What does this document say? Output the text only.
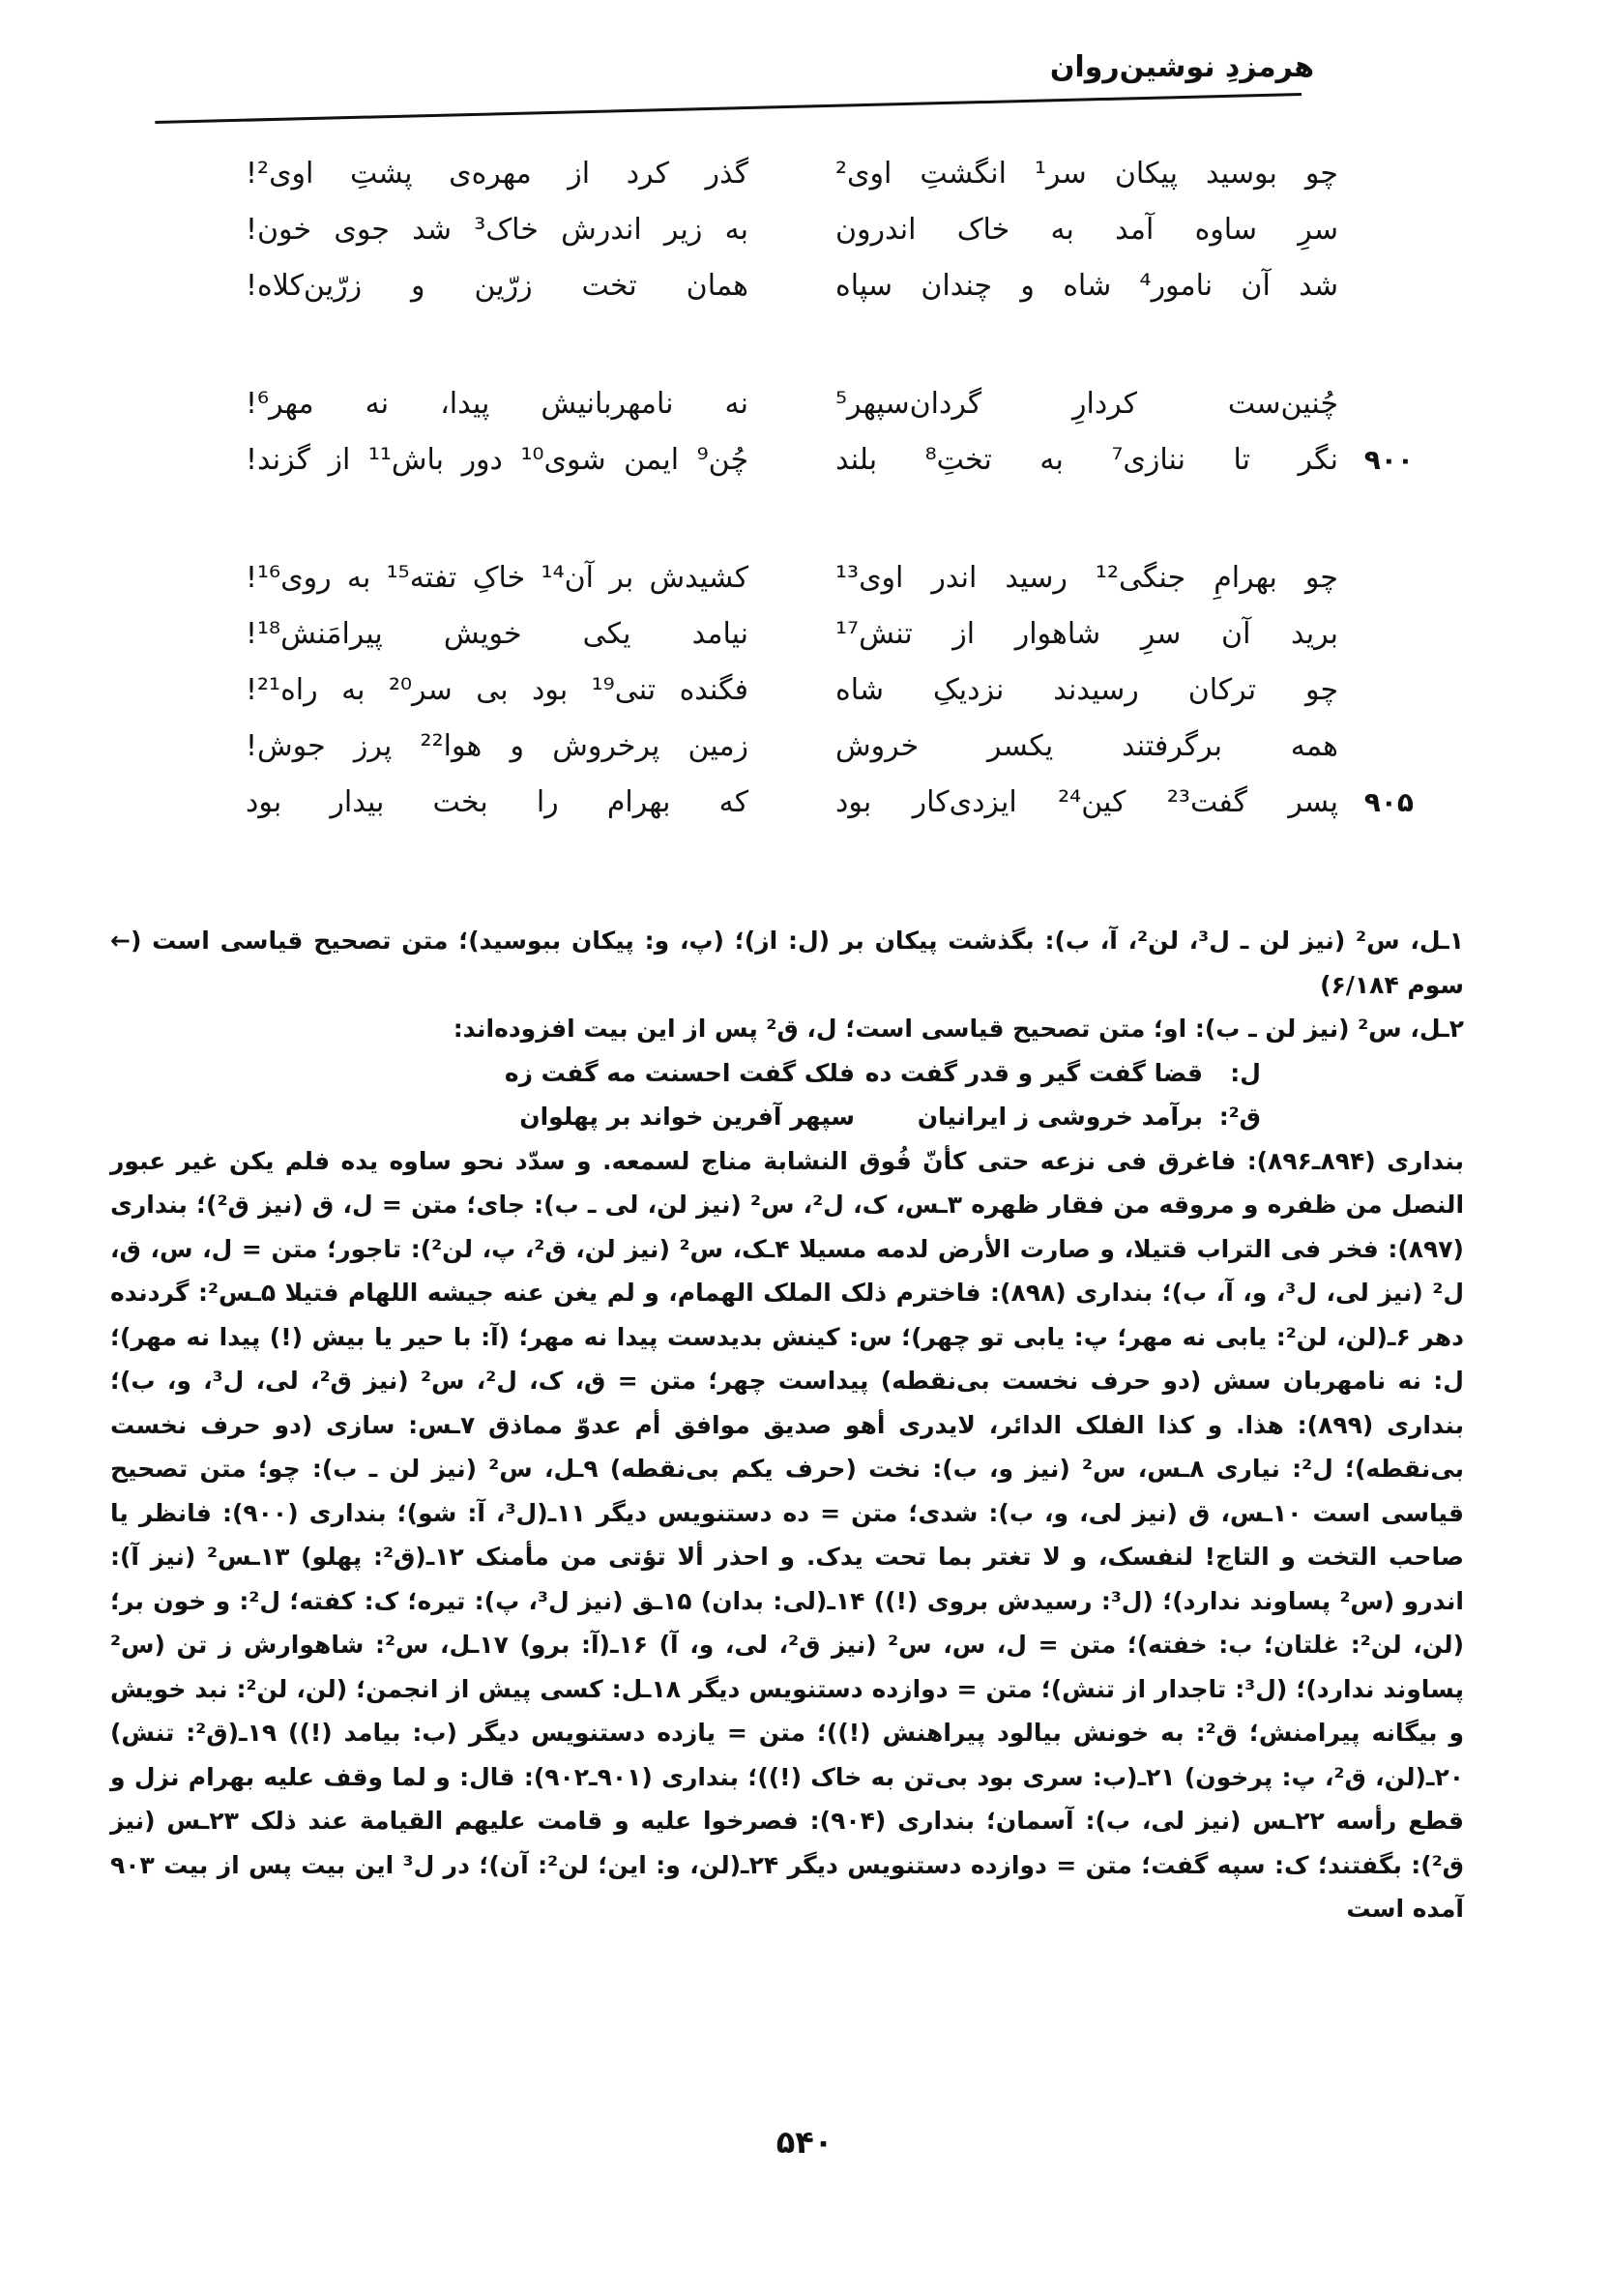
هرمزدِ نوشین‌روان
چو بوسید پیکان سر¹ انگشتِ اوی²
گذر کرد از مهره‌ی پشتِ اوی²!
سرِ ساوه آمد به خاک اندرون
به زیر اندرش خاک³ شد جوی خون!
شد آن نامور⁴ شاه و چندان سپاه
همان تخت زرّین و زرّین‌کلاه!
چُنین‌ست کردارِ گردان‌سپهر⁵
نه نامهربانیش پیدا، نه مهر⁶!
۹۰۰
نگر تا ننازی⁷ به تختِ⁸ بلند
چُن⁹ ایمن شوی¹⁰ دور باش¹¹ از گزند!
چو بهرامِ جنگی¹² رسید اندر اوی¹³
کشیدش بر آن¹⁴ خاکِ تفته¹⁵ به روی¹⁶!
برید آن سرِ شاهوار از تنش¹⁷
نیامد یکی خویش پیرامَنش¹⁸!
چو ترکان رسیدند نزدیکِ شاه
فگنده تنی¹⁹ بود بی سر²⁰ به راه²¹!
همه برگرفتند یکسر خروش
زمین پرخروش و هوا²² پرز جوش!
۹۰۵
پسر گفت²³ کین²⁴ ایزدی‌کار بود
که بهرام را بخت بیدار بود
۱ـل، س² (نیز لن ـ ل³، لن²، آ، ب): بگذشت پیکان بر (ل: از)؛ (پ، و: پیکان ببوسید)؛ متن تصحیح قیاسی است (← سوم ۶/۱۸۴)
۲ـل، س² (نیز لن ـ ب): او؛ متن تصحیح قیاسی است؛ ل، ق² پس از این بیت افزوده‌اند:
ل:
قضا گفت گیر و قدر گفت ده
فلک گفت احسنت مه گفت زه
ق²:
برآمد خروشی ز ایرانیان
سپهر آفرین خواند بر پهلوان
بنداری (۸۹۴ـ۸۹۶): فاغرق فی نزعه حتی کأنّ فُوق النشابة مناج لسمعه. و سدّد نحو ساوه یده فلم یکن غیر عبور النصل من ظفره و مروقه من فقار ظهره ۳ـس، ک، ل²، س² (نیز لن، لی ـ ب): جای؛ متن = ل، ق (نیز ق²)؛ بنداری (۸۹۷): فخر فی التراب قتیلا، و صارت الأرض لدمه مسیلا ۴ـک، س² (نیز لن، ق²، پ، لن²): تاجور؛ متن = ل، س، ق، ل² (نیز لی، ل³، و، آ، ب)؛ بنداری (۸۹۸): فاخترم ذلک الملک الهمام، و لم یغن عنه جیشه اللهام فتیلا ۵ـس²: گردنده دهر ۶ـ(لن، لن²: یابی نه مهر؛ پ: یابی تو چهر)؛ س: کینش بدیدست پیدا نه مهر؛ (آ: با حیر یا بیش (!) پیدا نه مهر)؛ ل: نه نامهربان سش (دو حرف نخست بی‌نقطه) پیداست چهر؛ متن = ق، ک، ل²، س² (نیز ق²، لی، ل³، و، ب)؛ بنداری (۸۹۹): هذا. و کذا الفلک الدائر، لایدری أهو صدیق موافق أم عدوّ مماذق ۷ـس: سازی (دو حرف نخست بی‌نقطه)؛ ل²: نیاری ۸ـس، س² (نیز و، ب): نخت (حرف یکم بی‌نقطه) ۹ـل، س² (نیز لن ـ ب): چو؛ متن تصحیح قیاسی است ۱۰ـس، ق (نیز لی، و، ب): شدی؛ متن = ده دستنویس دیگر ۱۱ـ(ل³، آ: شو)؛ بنداری (۹۰۰): فانظر یا صاحب التخت و التاج! لنفسک، و لا تغتر بما تحت یدک. و احذر ألا تؤتی من مأمنک ۱۲ـ(ق²: پهلو) ۱۳ـس² (نیز آ): اندرو (س² پساوند ندارد)؛ (ل³: رسیدش بروی (!)) ۱۴ـ(لی: بدان) ۱۵ـق (نیز ل³، پ): تیره؛ ک: کفته؛ ل²: و خون بر؛ (لن، لن²: غلتان؛ ب: خفته)؛ متن = ل، س، س² (نیز ق²، لی، و، آ) ۱۶ـ(آ: برو) ۱۷ـل، س²: شاهوارش ز تن (س² پساوند ندارد)؛ (ل³: تاجدار از تنش)؛ متن = دوازده دستنویس دیگر ۱۸ـل: کسی پیش از انجمن؛ (لن، لن²: نبد خویش و بیگانه پیرامنش؛ ق²: به خونش بیالود پیراهنش (!))؛ متن = یازده دستنویس دیگر (ب: بیامد (!)) ۱۹ـ(ق²: تنش) ۲۰ـ(لن، ق²، پ: پرخون) ۲۱ـ(ب: سری بود بی‌تن به خاک (!))؛ بنداری (۹۰۱ـ۹۰۲): قال: و لما وقف علیه بهرام نزل و قطع رأسه ۲۲ـس (نیز لی، ب): آسمان؛ بنداری (۹۰۴): فصرخوا علیه و قامت علیهم القیامة عند ذلک ۲۳ـس (نیز ق²): بگفتند؛ ک: سپه گفت؛ متن = دوازده دستنویس دیگر ۲۴ـ(لن، و: این؛ لن²: آن)؛ در ل³ این بیت پس از بیت ۹۰۳ آمده است
۵۴۰
